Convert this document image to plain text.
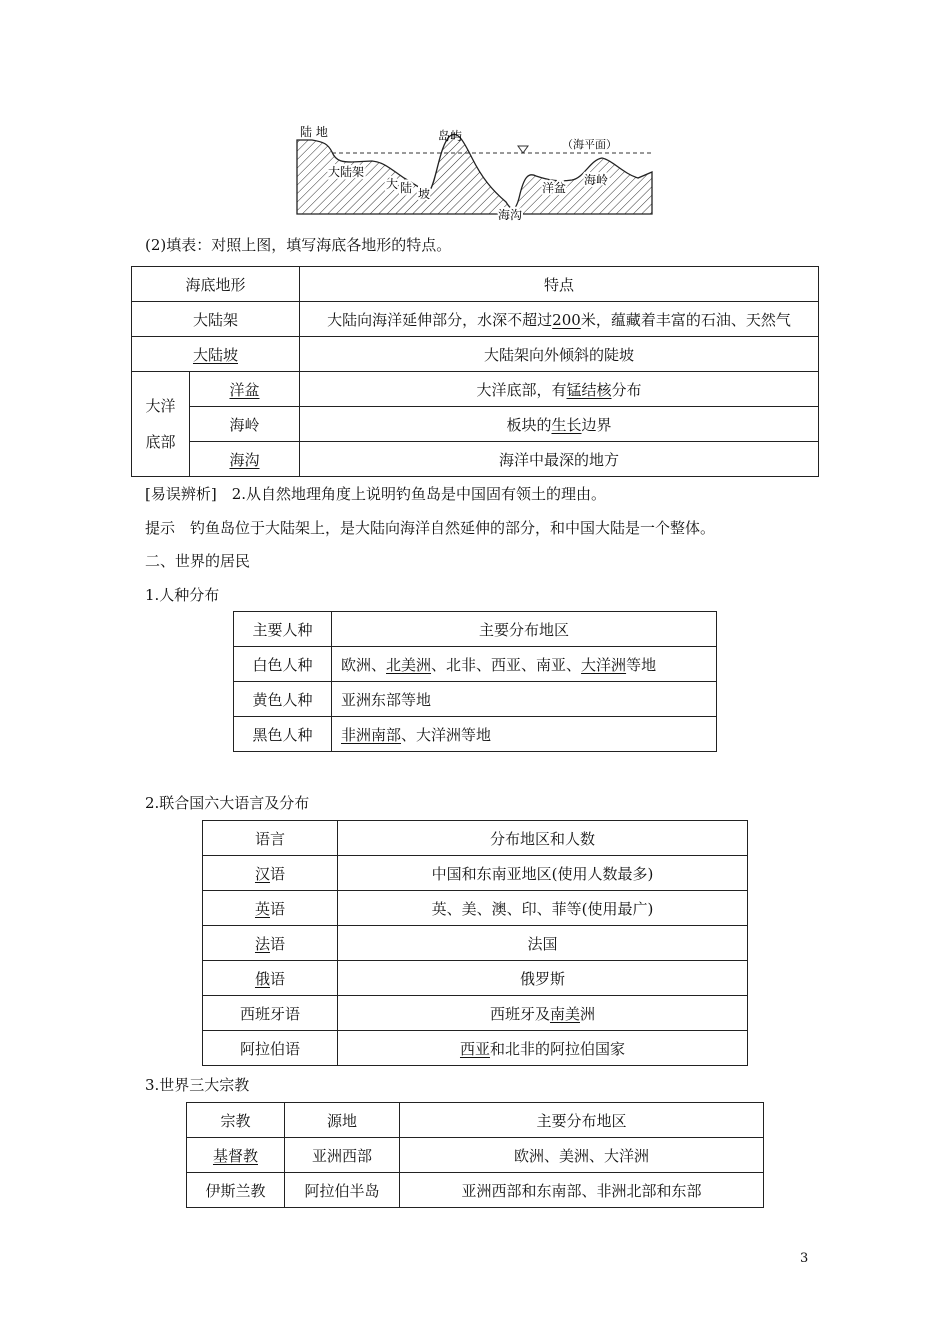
陆 地	岛屿
（海平面）
大陆架
大 陆 坡
海沟
洋盆
海岭
(2)填表：对照上图，填写海底各地形的特点。
海底地形		特点
大陆架		大陆向海洋延伸部分，水深不超过200米，蕴藏着丰富的石油、天然气
大陆坡		大陆架向外倾斜的陡坡
大洋底部	洋盆	大洋底部，有锰结核分布
	海岭	板块的生长边界
	海沟	海洋中最深的地方
[易误辨析]　2.从自然地理角度上说明钓鱼岛是中国固有领土的理由。
提示　钓鱼岛位于大陆架上，是大陆向海洋自然延伸的部分，和中国大陆是一个整体。
二、世界的居民
1.人种分布
主要人种	主要分布地区
白色人种	欧洲、北美洲、北非、西亚、南亚、大洋洲等地
黄色人种	亚洲东部等地
黑色人种	非洲南部、大洋洲等地
2.联合国六大语言及分布
语言	分布地区和人数
汉语	中国和东南亚地区(使用人数最多)
英语	英、美、澳、印、菲等(使用最广)
法语	法国
俄语	俄罗斯
西班牙语	西班牙及南美洲
阿拉伯语	西亚和北非的阿拉伯国家
3.世界三大宗教
宗教	源地	主要分布地区
基督教	亚洲西部	欧洲、美洲、大洋洲
伊斯兰教	阿拉伯半岛	亚洲西部和东南部、非洲北部和东部
3
